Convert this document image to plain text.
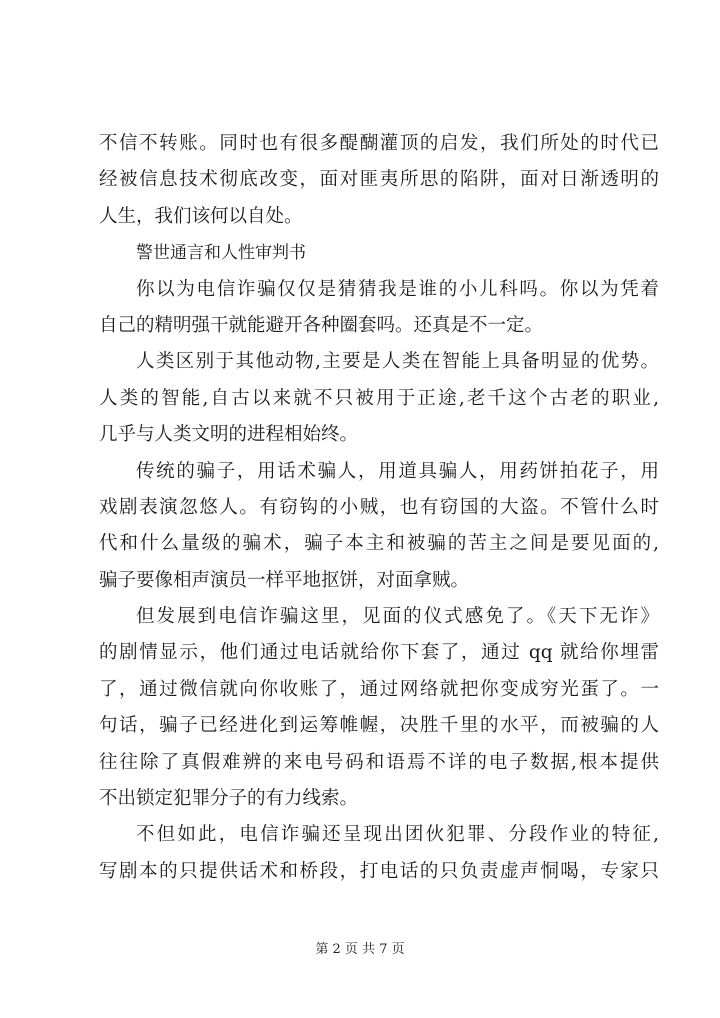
不信不转账。同时也有很多醍醐灌顶的启发，我们所处的时代已
经被信息技术彻底改变，面对匪夷所思的陷阱，面对日渐透明的
人生，我们该何以自处。
警世通言和人性审判书
你以为电信诈骗仅仅是猜猜我是谁的小儿科吗。你以为凭着
自己的精明强干就能避开各种圈套吗。还真是不一定。
人类区别于其他动物,主要是人类在智能上具备明显的优势。
人类的智能,自古以来就不只被用于正途,老千这个古老的职业,
几乎与人类文明的进程相始终。
传统的骗子，用话术骗人，用道具骗人，用药饼拍花子，用
戏剧表演忽悠人。有窃钩的小贼，也有窃国的大盗。不管什么时
代和什么量级的骗术，骗子本主和被骗的苦主之间是要见面的,
骗子要像相声演员一样平地抠饼，对面拿贼。
但发展到电信诈骗这里，见面的仪式感免了。《天下无诈》
的剧情显示，他们通过电话就给你下套了，通过 qq 就给你埋雷
了，通过微信就向你收账了，通过网络就把你变成穷光蛋了。一
句话，骗子已经进化到运筹帷幄，决胜千里的水平，而被骗的人
往往除了真假难辨的来电号码和语焉不详的电子数据,根本提供
不出锁定犯罪分子的有力线索。
不但如此，电信诈骗还呈现出团伙犯罪、分段作业的特征,
写剧本的只提供话术和桥段，打电话的只负责虚声恫喝，专家只
第 2 页 共 7 页
